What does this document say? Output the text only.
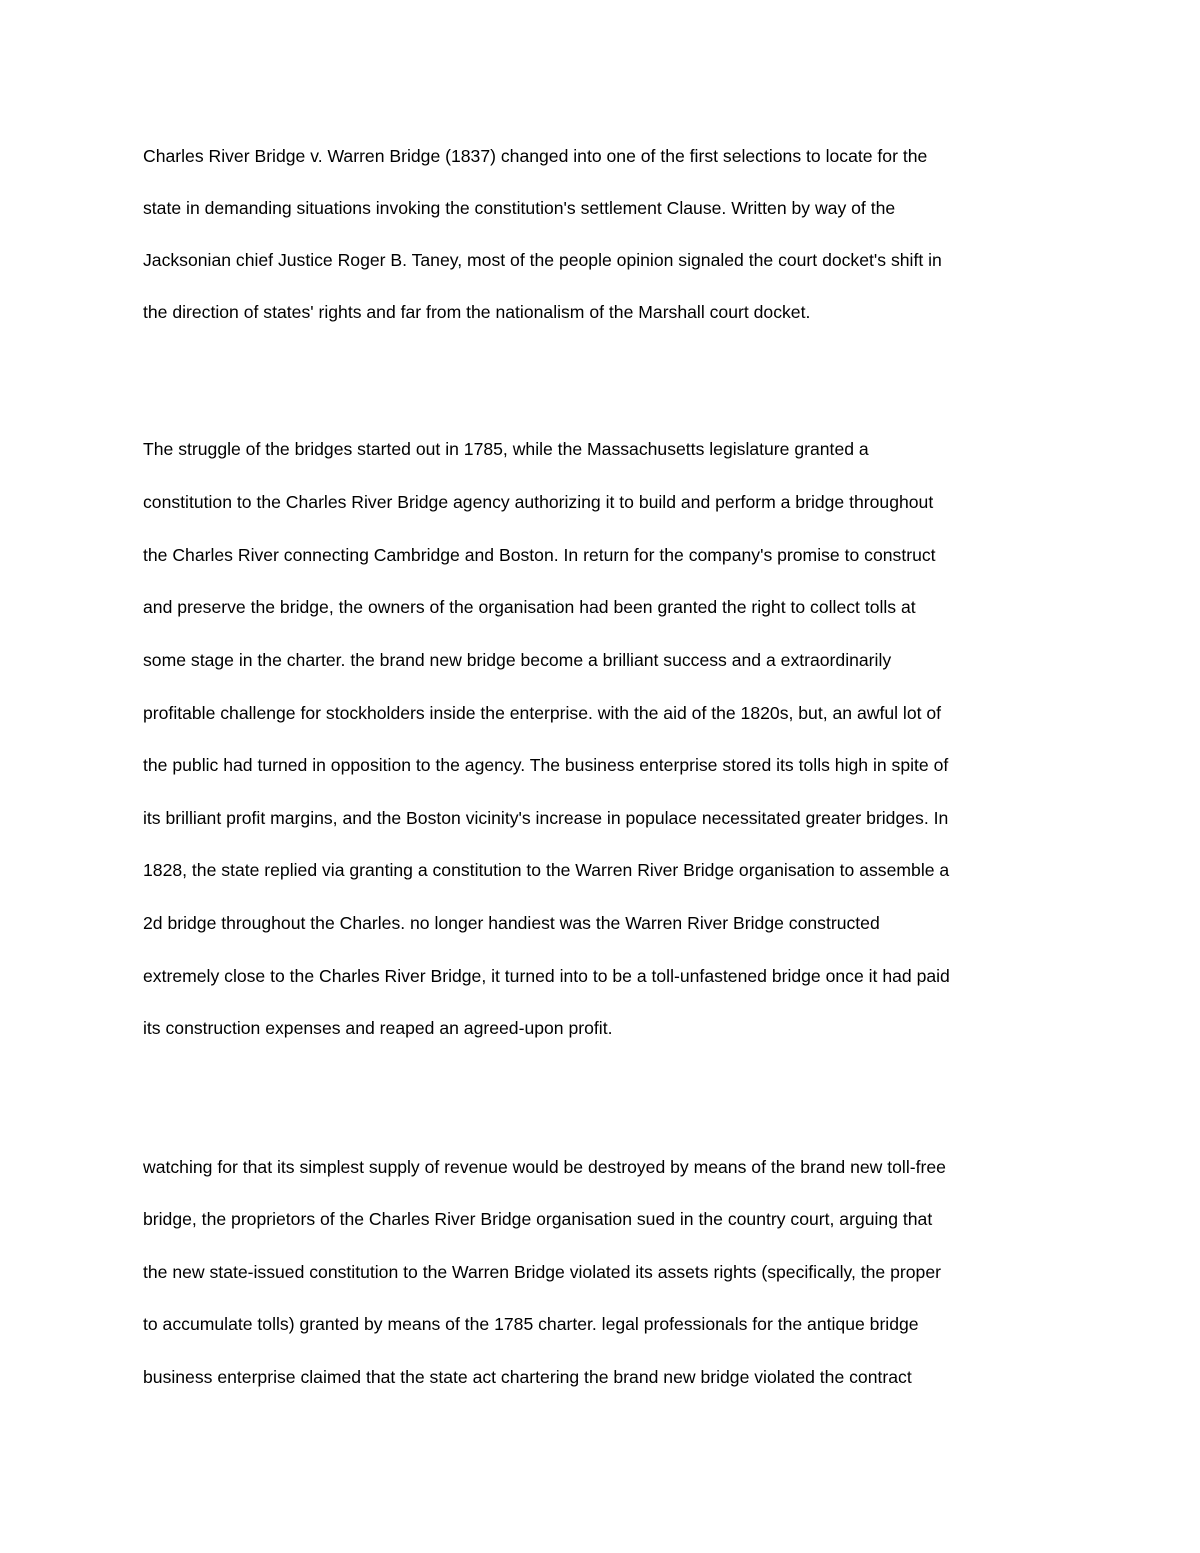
Charles River Bridge v. Warren Bridge (1837) changed into one of the first selections to locate for the
state in demanding situations invoking the constitution's settlement Clause. Written by way of the
Jacksonian chief Justice Roger B. Taney, most of the people opinion signaled the court docket's shift in
the direction of states' rights and far from the nationalism of the Marshall court docket.
The struggle of the bridges started out in 1785, while the Massachusetts legislature granted a
constitution to the Charles River Bridge agency authorizing it to build and perform a bridge throughout
the Charles River connecting Cambridge and Boston. In return for the company's promise to construct
and preserve the bridge, the owners of the organisation had been granted the right to collect tolls at
some stage in the charter. the brand new bridge become a brilliant success and a extraordinarily
profitable challenge for stockholders inside the enterprise. with the aid of the 1820s, but, an awful lot of
the public had turned in opposition to the agency. The business enterprise stored its tolls high in spite of
its brilliant profit margins, and the Boston vicinity's increase in populace necessitated greater bridges. In
1828, the state replied via granting a constitution to the Warren River Bridge organisation to assemble a
2d bridge throughout the Charles. no longer handiest was the Warren River Bridge constructed
extremely close to the Charles River Bridge, it turned into to be a toll-unfastened bridge once it had paid
its construction expenses and reaped an agreed-upon profit.
watching for that its simplest supply of revenue would be destroyed by means of the brand new toll-free
bridge, the proprietors of the Charles River Bridge organisation sued in the country court, arguing that
the new state-issued constitution to the Warren Bridge violated its assets rights (specifically, the proper
to accumulate tolls) granted by means of the 1785 charter. legal professionals for the antique bridge
business enterprise claimed that the state act chartering the brand new bridge violated the contract
